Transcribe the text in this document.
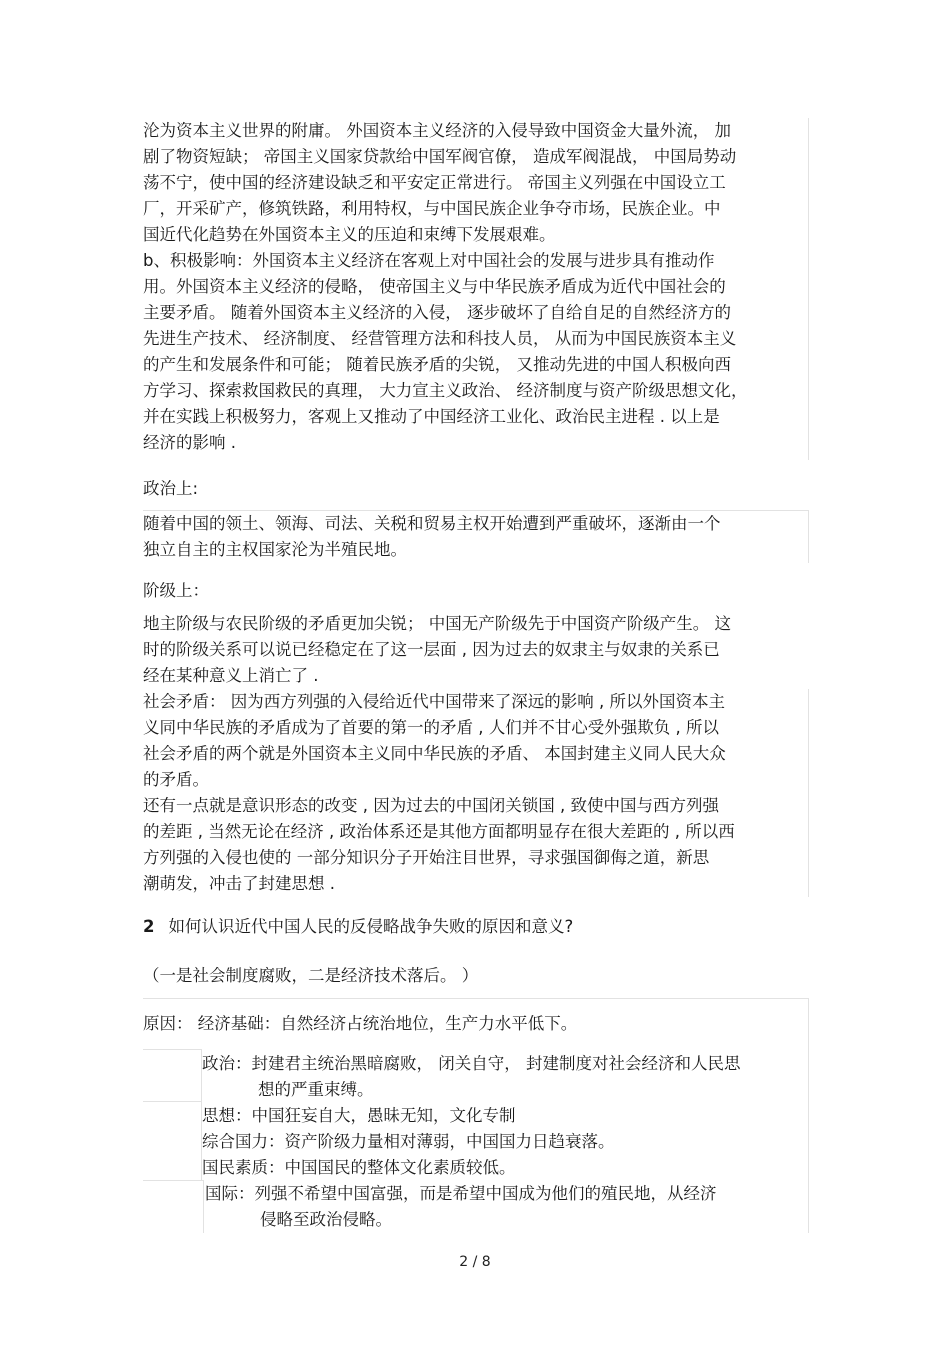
沦为资本主义世界的附庸。 外国资本主义经济的入侵导致中国资金大量外流， 加

剧了物资短缺； 帝国主义国家贷款给中国军阀官僚， 造成军阀混战， 中国局势动

荡不宁，使中国的经济建设缺乏和平安定正常进行。 帝国主义列强在中国设立工

厂，开采矿产，修筑铁路，利用特权，与中国民族企业争夺市场，民族企业。中

国近代化趋势在外国资本主义的压迫和束缚下发展艰难。

b、积极影响：外国资本主义经济在客观上对中国社会的发展与进步具有推动作

用。外国资本主义经济的侵略， 使帝国主义与中华民族矛盾成为近代中国社会的

主要矛盾。 随着外国资本主义经济的入侵， 逐步破坏了自给自足的自然经济方的

先进生产技术、 经济制度、 经营管理方法和科技人员， 从而为中国民族资本主义

的产生和发展条件和可能； 随着民族矛盾的尖锐， 又推动先进的中国人积极向西

方学习、探索救国救民的真理， 大力宣主义政治、 经济制度与资产阶级思想文化，

并在实践上积极努力，客观上又推动了中国经济工业化、政治民主进程 . 以上是

经济的影响 .

政治上:

随着中国的领土、领海、司法、关税和贸易主权开始遭到严重破坏，逐渐由一个

独立自主的主权国家沦为半殖民地。

阶级上：

地主阶级与农民阶级的矛盾更加尖锐； 中国无产阶级先于中国资产阶级产生。 这

时的阶级关系可以说已经稳定在了这一层面 , 因为过去的奴隶主与奴隶的关系已

经在某种意义上消亡了 .

社会矛盾： 因为西方列强的入侵给近代中国带来了深远的影响 , 所以外国资本主

义同中华民族的矛盾成为了首要的第一的矛盾 , 人们并不甘心受外强欺负 , 所以

社会矛盾的两个就是外国资本主义同中华民族的矛盾、 本国封建主义同人民大众

的矛盾。

还有一点就是意识形态的改变 , 因为过去的中国闭关锁国 , 致使中国与西方列强

的差距 , 当然无论在经济 , 政治体系还是其他方面都明显存在很大差距的 , 所以西

方列强的入侵也使的 一部分知识分子开始注目世界，寻求强国御侮之道，新思

潮萌发，冲击了封建思想 .

2 如何认识近代中国人民的反侵略战争失败的原因和意义?
（一是社会制度腐败，二是经济技术落后。 ）
原因： 经济基础：自然经济占统治地位，生产力水平低下。
政治：封建君主统治黑暗腐败， 闭关自守， 封建制度对社会经济和人民思
想的严重束缚。
思想：中国狂妄自大，愚昧无知，文化专制
综合国力：资产阶级力量相对薄弱，中国国力日趋衰落。
国民素质：中国国民的整体文化素质较低。
国际：列强不希望中国富强，而是希望中国成为他们的殖民地，从经济
侵略至政治侵略。
2 / 8
